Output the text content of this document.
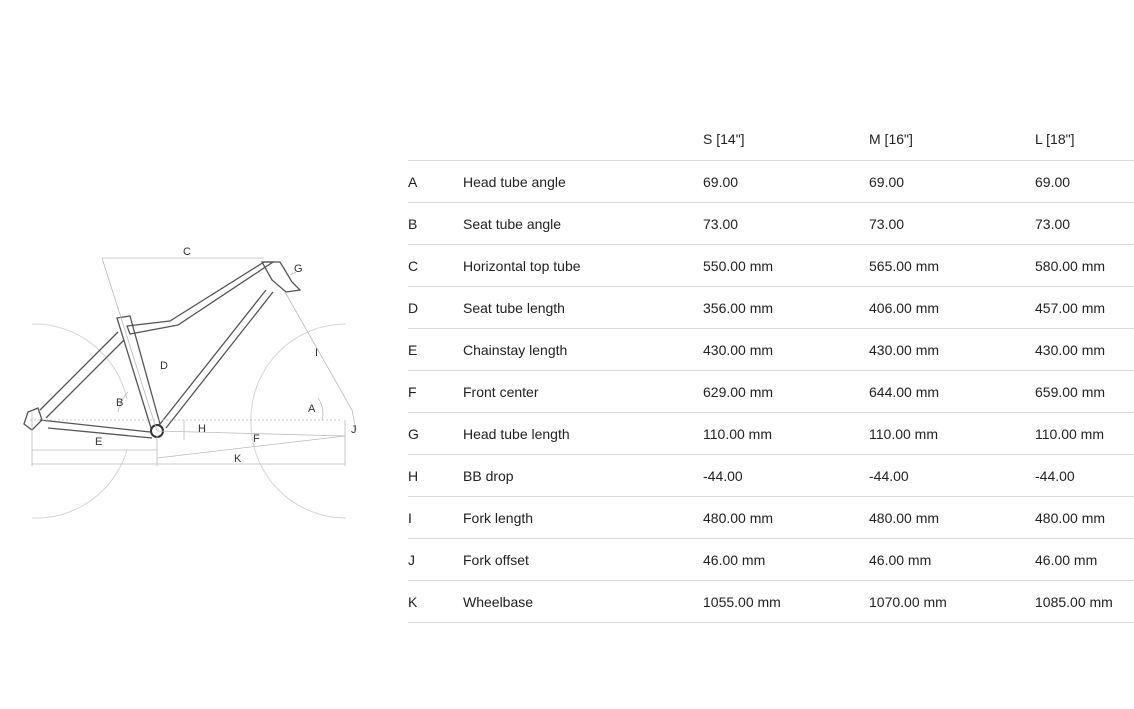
C
G
D
I
B	A
H	J
F
E
K
		S [14"]	M [16"]	L [18"]
A	Head tube angle	69.00	69.00	69.00
B	Seat tube angle	73.00	73.00	73.00
C	Horizontal top tube	550.00 mm	565.00 mm	580.00 mm
D	Seat tube length	356.00 mm	406.00 mm	457.00 mm
E	Chainstay length	430.00 mm	430.00 mm	430.00 mm
F	Front center	629.00 mm	644.00 mm	659.00 mm
G	Head tube length	110.00 mm	110.00 mm	110.00 mm
H	BB drop	-44.00	-44.00	-44.00
I	Fork length	480.00 mm	480.00 mm	480.00 mm
J	Fork offset	46.00 mm	46.00 mm	46.00 mm
K	Wheelbase	1055.00 mm	1070.00 mm	1085.00 mm
